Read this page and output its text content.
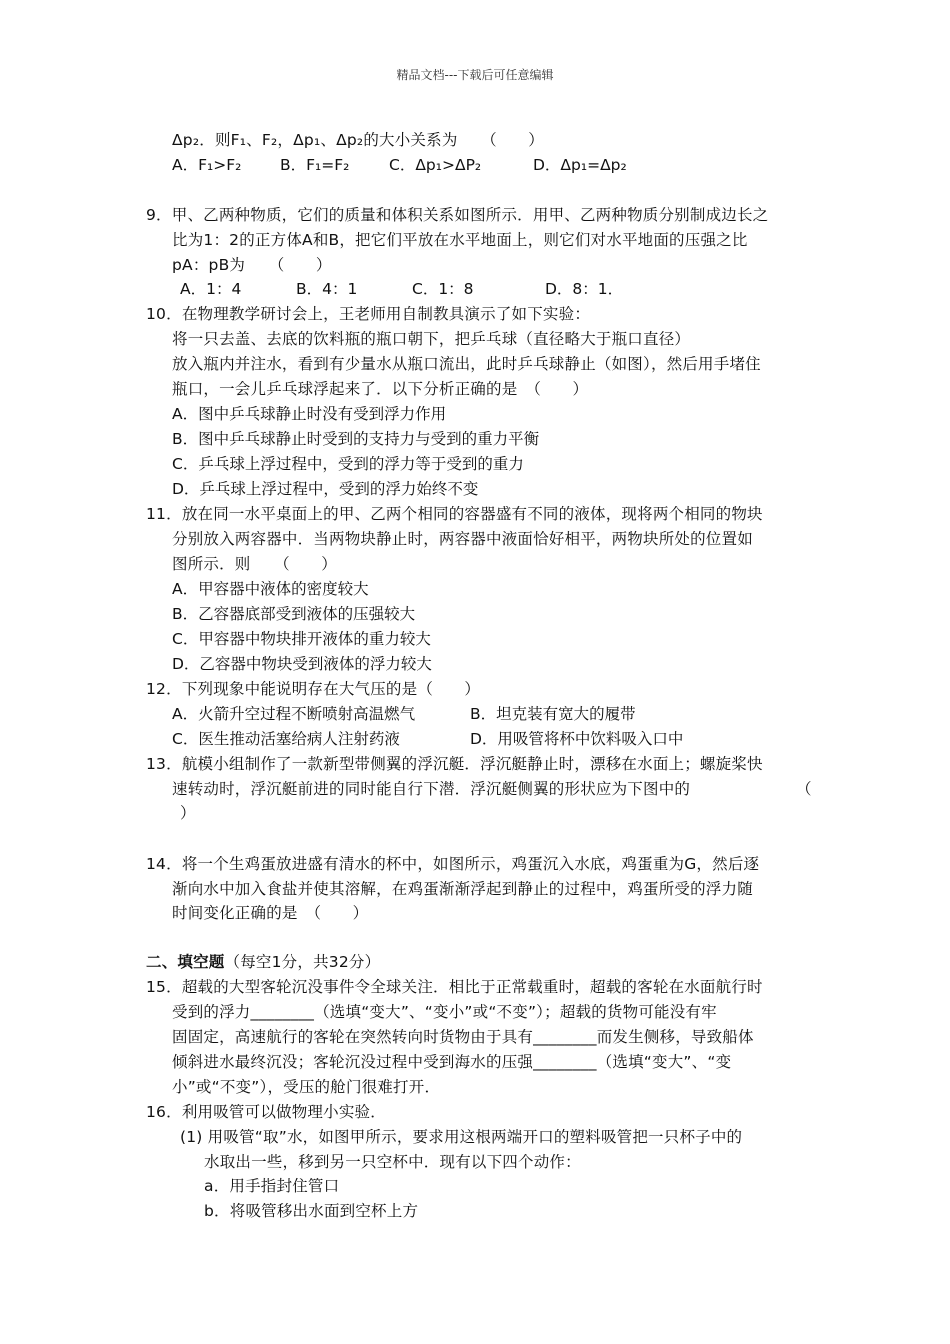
精品文档---下载后可任意编辑
Δp₂．则F₁、F₂，Δp₁、Δp₂的大小关系为　　（　　）
A．F₁>F₂ B．F₁=F₂	C．Δp₁>ΔP₂	D．Δp₁=Δp₂
9．甲、乙两种物质，它们的质量和体积关系如图所示．用甲、乙两种物质分别制成边长之
比为1：2的正方体A和B，把它们平放在水平地面上，则它们对水平地面的压强之比
pA：pB为　　（　　）
A．1：4	B．4：1	C．1：8	D．8：1．
10．在物理教学研讨会上，王老师用自制教具演示了如下实验：
将一只去盖、去底的饮料瓶的瓶口朝下，把乒乓球（直径略大于瓶口直径）
放入瓶内并注水，看到有少量水从瓶口流出，此时乒乓球静止（如图），然后用手堵住
瓶口，一会儿乒乓球浮起来了．以下分析正确的是　（　　）
A．图中乒乓球静止时没有受到浮力作用
B．图中乒乓球静止时受到的支持力与受到的重力平衡
C．乒乓球上浮过程中，受到的浮力等于受到的重力
D．乒乓球上浮过程中，受到的浮力始终不变
11．放在同一水平桌面上的甲、乙两个相同的容器盛有不同的液体，现将两个相同的物块
分别放入两容器中．当两物块静止时，两容器中液面恰好相平，两物块所处的位置如
图所示．则　　（　　）
A．甲容器中液体的密度较大
B．乙容器底部受到液体的压强较大
C．甲容器中物块排开液体的重力较大
D．乙容器中物块受到液体的浮力较大
12．下列现象中能说明存在大气压的是（　　）
A．火箭升空过程不断喷射高温燃气	B．坦克装有宽大的履带
C．医生推动活塞给病人注射药液	D．用吸管将杯中饮料吸入口中
13．航模小组制作了一款新型带侧翼的浮沉艇．浮沉艇静止时，漂移在水面上；螺旋桨快
速转动时，浮沉艇前进的同时能自行下潜．浮沉艇侧翼的形状应为下图中的	（
）
14．将一个生鸡蛋放进盛有清水的杯中，如图所示，鸡蛋沉入水底，鸡蛋重为G，然后逐
渐向水中加入食盐并使其溶解，在鸡蛋渐渐浮起到静止的过程中，鸡蛋所受的浮力随
时间变化正确的是　（　　）
二、填空题（每空1分，共32分）
15．超载的大型客轮沉没事件令全球关注．相比于正常载重时，超载的客轮在水面航行时
受到的浮力________（选填“变大”、“变小”或“不变”）；超载的货物可能没有牢
固固定，高速航行的客轮在突然转向时货物由于具有________而发生侧移，导致船体
倾斜进水最终沉没；客轮沉没过程中受到海水的压强________（选填“变大”、“变
小”或“不变”），受压的舱门很难打开．
16．利用吸管可以做物理小实验．
(1) 用吸管“取”水，如图甲所示，要求用这根两端开口的塑料吸管把一只杯子中的
水取出一些，移到另一只空杯中．现有以下四个动作：
a．用手指封住管口
b．将吸管移出水面到空杯上方
